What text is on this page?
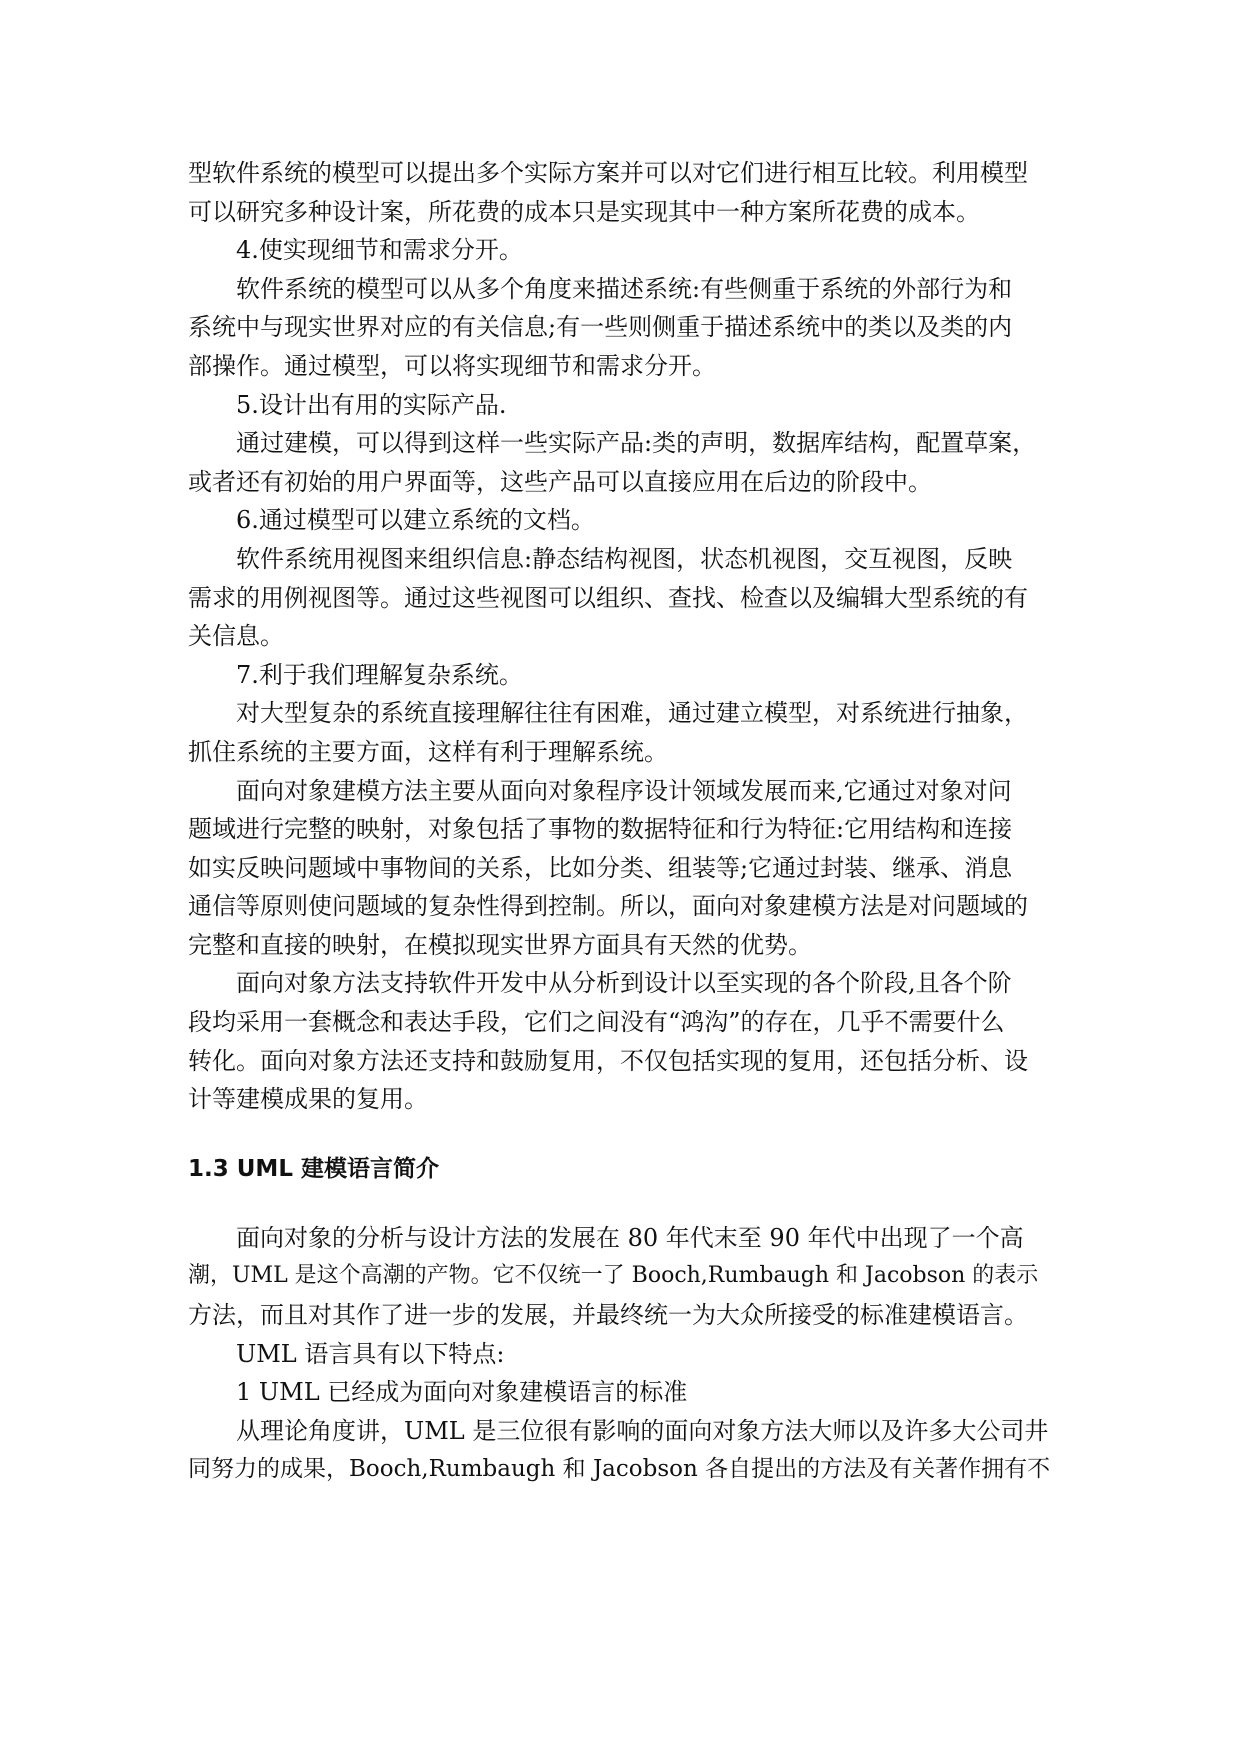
型软件系统的模型可以提出多个实际方案并可以对它们进行相互比较。利用模型
可以研究多种设计案，所花费的成本只是实现其中一种方案所花费的成本。
4.使实现细节和需求分开。
软件系统的模型可以从多个角度来描述系统:有些侧重于系统的外部行为和
系统中与现实世界对应的有关信息;有一些则侧重于描述系统中的类以及类的内
部操作。通过模型，可以将实现细节和需求分开。
5.设计出有用的实际产品.
通过建模，可以得到这样一些实际产品:类的声明，数据库结构，配置草案，
或者还有初始的用户界面等，这些产品可以直接应用在后边的阶段中。
6.通过模型可以建立系统的文档。
软件系统用视图来组织信息:静态结构视图，状态机视图，交互视图，反映
需求的用例视图等。通过这些视图可以组织、查找、检查以及编辑大型系统的有
关信息。
7.利于我们理解复杂系统。
对大型复杂的系统直接理解往往有困难，通过建立模型，对系统进行抽象，
抓住系统的主要方面，这样有利于理解系统。
面向对象建模方法主要从面向对象程序设计领域发展而来,它通过对象对问
题域进行完整的映射，对象包括了事物的数据特征和行为特征:它用结构和连接
如实反映问题域中事物间的关系，比如分类、组装等;它通过封装、继承、消息
通信等原则使问题域的复杂性得到控制。所以，面向对象建模方法是对问题域的
完整和直接的映射，在模拟现实世界方面具有天然的优势。
面向对象方法支持软件开发中从分析到设计以至实现的各个阶段,且各个阶
段均采用一套概念和表达手段，它们之间没有“鸿沟”的存在，几乎不需要什么
转化。面向对象方法还支持和鼓励复用，不仅包括实现的复用，还包括分析、设
计等建模成果的复用。
1.3 UML 建模语言简介
面向对象的分析与设计方法的发展在 80 年代末至 90 年代中出现了一个高
潮，UML 是这个高潮的产物。它不仅统一了 Booch,Rumbaugh 和 Jacobson 的表示
方法，而且对其作了进一步的发展，并最终统一为大众所接受的标准建模语言。
UML 语言具有以下特点:
1 UML 已经成为面向对象建模语言的标准
从理论角度讲，UML 是三位很有影响的面向对象方法大师以及许多大公司井
同努力的成果，Booch,Rumbaugh 和 Jacobson 各自提出的方法及有关著作拥有不
